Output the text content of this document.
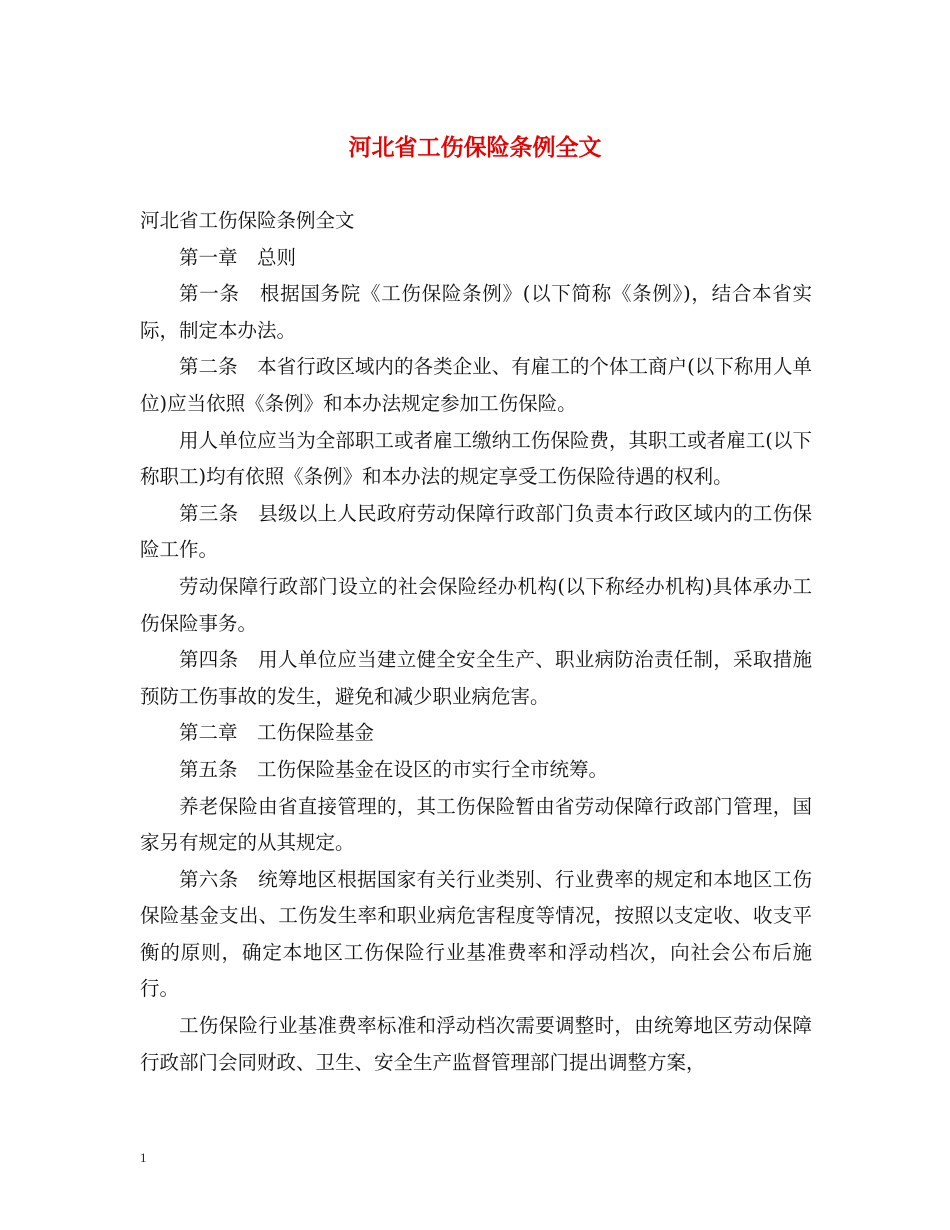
河北省工伤保险条例全文

河北省工伤保险条例全文

第一章　总则

第一条　根据国务院《工伤保险条例》(以下简称《条例》)，结合本省实际，制定本办法。

第二条　本省行政区域内的各类企业、有雇工的个体工商户(以下称用人单位)应当依照《条例》和本办法规定参加工伤保险。

用人单位应当为全部职工或者雇工缴纳工伤保险费，其职工或者雇工(以下称职工)均有依照《条例》和本办法的规定享受工伤保险待遇的权利。

第三条　县级以上人民政府劳动保障行政部门负责本行政区域内的工伤保险工作。

劳动保障行政部门设立的社会保险经办机构(以下称经办机构)具体承办工伤保险事务。

第四条　用人单位应当建立健全安全生产、职业病防治责任制，采取措施预防工伤事故的发生，避免和减少职业病危害。

第二章　工伤保险基金

第五条　工伤保险基金在设区的市实行全市统筹。

养老保险由省直接管理的，其工伤保险暂由省劳动保障行政部门管理，国家另有规定的从其规定。

第六条　统筹地区根据国家有关行业类别、行业费率的规定和本地区工伤保险基金支出、工伤发生率和职业病危害程度等情况，按照以支定收、收支平衡的原则，确定本地区工伤保险行业基准费率和浮动档次，向社会公布后施行。

工伤保险行业基准费率标准和浮动档次需要调整时，由统筹地区劳动保障行政部门会同财政、卫生、安全生产监督管理部门提出调整方案，

1
